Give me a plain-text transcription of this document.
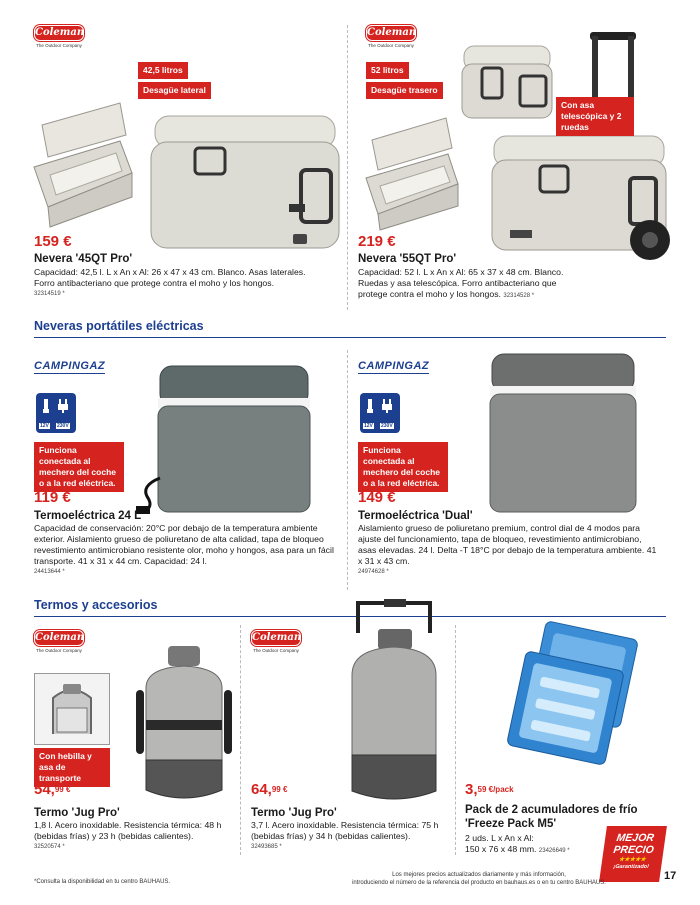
Coleman
The Outdoor Company
42,5 litros
Desagüe lateral
159 €
Nevera '45QT Pro'
Capacidad: 42,5 l. L x An x Al: 26 x 47 x 43 cm. Blanco. Asas laterales. Forro antibacteriano que protege contra el moho y los hongos.
32314519 *
Coleman
The Outdoor Company
52 litros
Desagüe trasero
Con asa telescópica y 2 ruedas
219 €
Nevera '55QT Pro'
Capacidad: 52 l. L x An x Al: 65 x 37 x 48 cm. Blanco. Ruedas y asa telescópica. Forro antibacteriano que protege contra el moho y los hongos. 32314528 *
Neveras portátiles eléctricas
CAMPINGAZ
12V 230V
Funciona conectada al mechero del coche o a la red eléctrica.
119 €
Termoeléctrica 24 L
Capacidad de conservación: 20°C por debajo de la temperatura ambiente exterior. Aislamiento grueso de poliuretano de alta calidad, tapa de bloqueo revestimiento antimicrobiano resistente olor, moho y hongos, asa para un fácil transporte. 41 x 31 x 44 cm. Capacidad: 24 l.
24413644 *
CAMPINGAZ
12V 230V
Funciona conectada al mechero del coche o a la red eléctrica.
149 €
Termoeléctrica 'Dual'
Aislamiento grueso de poliuretano premium, control dial de 4 modos para ajuste del funcionamiento, tapa de bloqueo, revestimiento antimicrobiano, asas elevadas. 24 l. Delta -T 18°C por debajo de la temperatura ambiente. 41 x 31 x 43 cm.
24974628 *
Termos y accesorios
Coleman
The Outdoor Company
Con hebilla y asa de transporte
54,$^{99 €}$
Termo 'Jug Pro'
1,8 l. Acero inoxidable. Resistencia térmica: 48 h (bebidas frías) y 23 h (bebidas calientes).
32520574 *
Coleman
The Outdoor Company
64,$^{99 €}$
Termo 'Jug Pro'
3,7 l. Acero inoxidable. Resistencia térmica: 75 h (bebidas frías) y 34 h (bebidas calientes).
32493685 *
3,$^{59 €/pack}$
Pack de 2 acumuladores de frío
'Freeze Pack M5'
2 uds. L x An x Al:
150 x 76 x 48 mm. 23426649 *
MEJOR
PRECIO
★★★★★
¡Garantizado!
*Consulta la disponibilidad en tu centro BAUHAUS.
Los mejores precios actualizados diariamente y más información,
introduciendo el número de la referencia del producto en bauhaus.es o en tu centro BAUHAUS.
17
